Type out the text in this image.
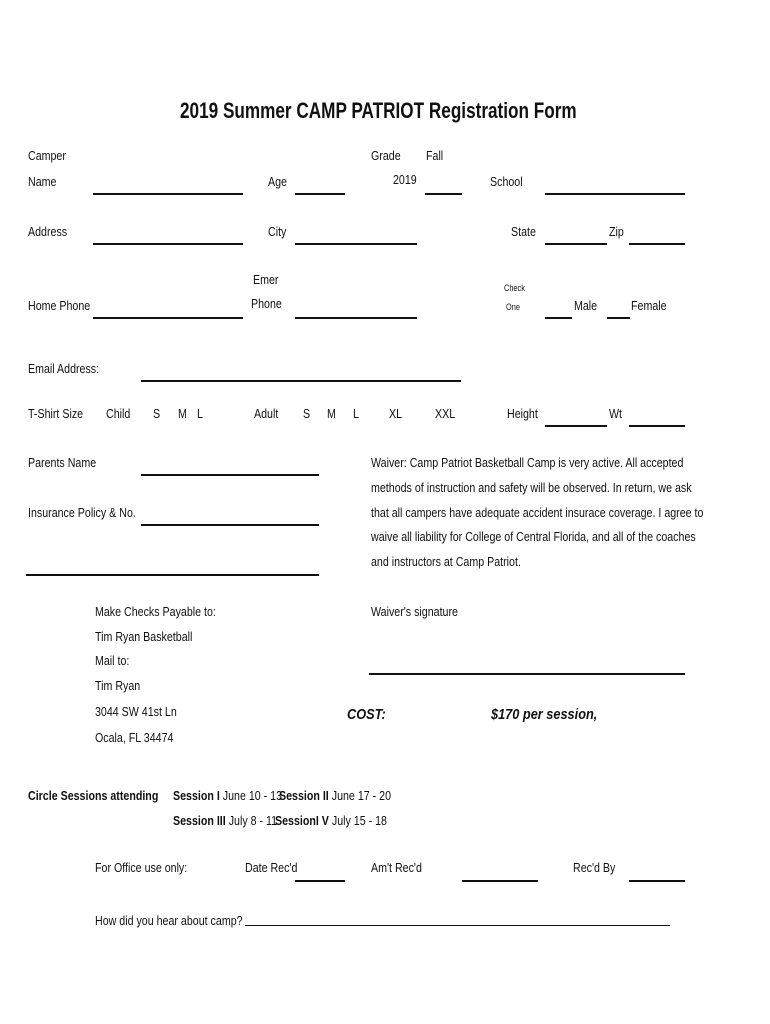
2019 Summer CAMP PATRIOT Registration Form
Camper
Name	Age
Grade Fall
2019	School
Address	City	State	Zip
Home Phone
Emer
Phone
Check
One	Male	Female
Email Address:
T-Shirt Size Child S M L	Adult S M L XL	XXL	Height	Wt
Parents Name
Insurance Policy & No.
Waiver: Camp Patriot Basketball Camp is very active. All accepted
methods of instruction and safety will be observed. In return, we ask
that all campers have adequate accident insurace coverage. I agree to
waive all liability for College of Central Florida, and all of the coaches
and instructors at Camp Patriot.
Make Checks Payable to:
Tim Ryan Basketball
Mail to:
Tim Ryan
3044 SW 41st Ln
Ocala, FL 34474
Waiver's signature
COST:	$170 per session,
Circle Sessions attending Session I June 10 - 13
Session II June 17 - 20
Session III July 8 - 11
SessionI V July 15 - 18
For Office use only:	Date Rec'd	Am't Rec'd	Rec'd By
How did you hear about camp?
